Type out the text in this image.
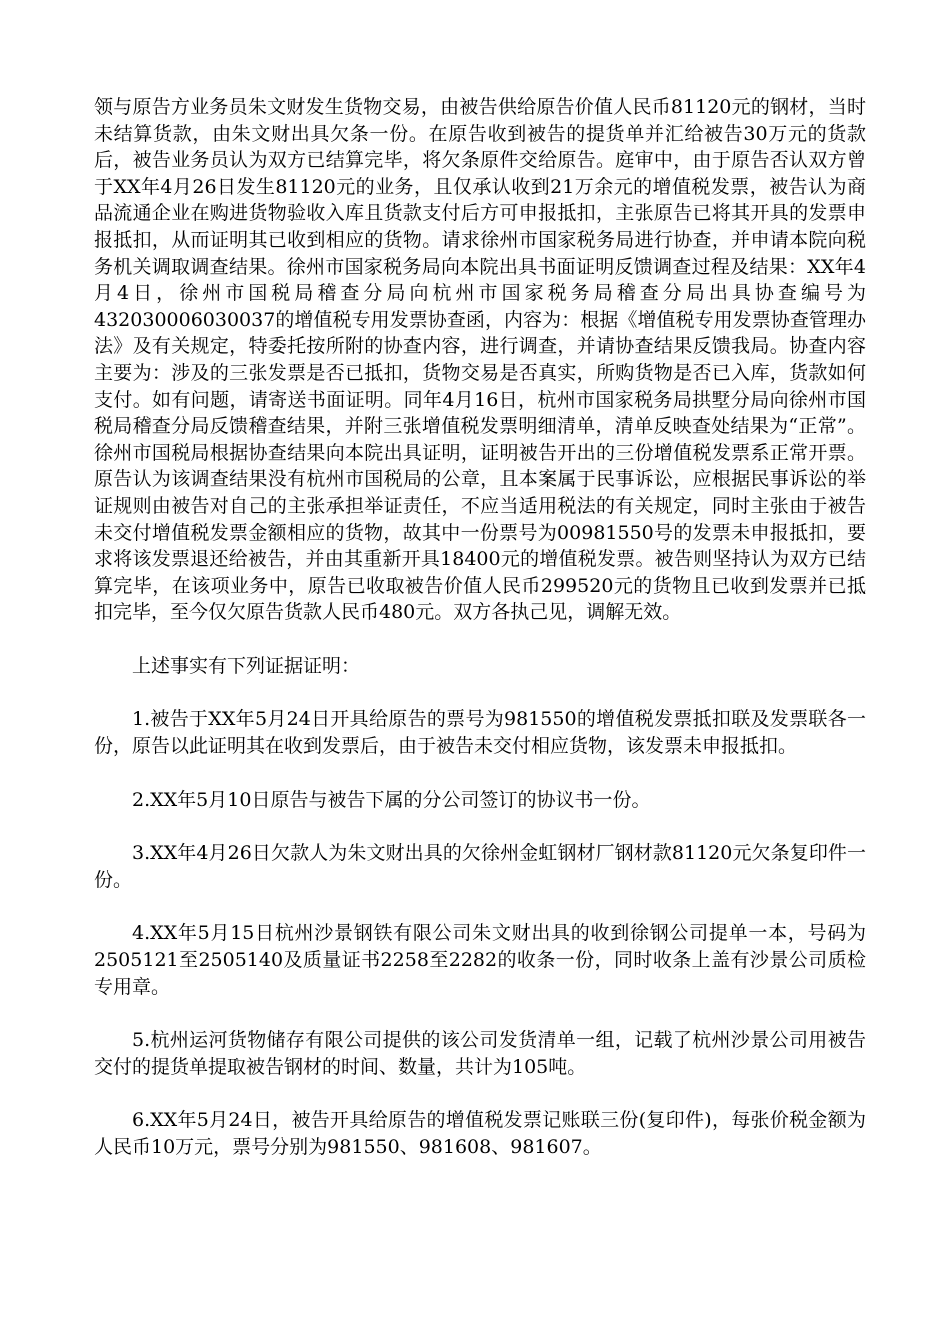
领与原告方业务员朱文财发生货物交易，由被告供给原告价值人民币81120元的钢材，当时未结算货款，由朱文财出具欠条一份。在原告收到被告的提货单并汇给被告30万元的货款后，被告业务员认为双方已结算完毕，将欠条原件交给原告。庭审中，由于原告否认双方曾于XX年4月26日发生81120元的业务，且仅承认收到21万余元的增值税发票，被告认为商品流通企业在购进货物验收入库且货款支付后方可申报抵扣，主张原告已将其开具的发票申报抵扣，从而证明其已收到相应的货物。请求徐州市国家税务局进行协查，并申请本院向税务机关调取调查结果。徐州市国家税务局向本院出具书面证明反馈调查过程及结果：XX年4月4日，徐州市国税局稽查分局向杭州市国家税务局稽查分局出具协查编号为432030006030037的增值税专用发票协查函，内容为：根据《增值税专用发票协查管理办法》及有关规定，特委托按所附的协查内容，进行调查，并请协查结果反馈我局。协查内容主要为：涉及的三张发票是否已抵扣，货物交易是否真实，所购货物是否已入库，货款如何支付。如有问题，请寄送书面证明。同年4月16日，杭州市国家税务局拱墅分局向徐州市国税局稽查分局反馈稽查结果，并附三张增值税发票明细清单，清单反映查处结果为“正常”。徐州市国税局根据协查结果向本院出具证明，证明被告开出的三份增值税发票系正常开票。原告认为该调查结果没有杭州市国税局的公章，且本案属于民事诉讼，应根据民事诉讼的举证规则由被告对自己的主张承担举证责任，不应当适用税法的有关规定，同时主张由于被告未交付增值税发票金额相应的货物，故其中一份票号为00981550号的发票未申报抵扣，要求将该发票退还给被告，并由其重新开具18400元的增值税发票。被告则坚持认为双方已结算完毕，在该项业务中，原告已收取被告价值人民币299520元的货物且已收到发票并已抵扣完毕，至今仅欠原告货款人民币480元。双方各执己见，调解无效。

上述事实有下列证据证明：

1.被告于XX年5月24日开具给原告的票号为981550的增值税发票抵扣联及发票联各一份，原告以此证明其在收到发票后，由于被告未交付相应货物，该发票未申报抵扣。

2.XX年5月10日原告与被告下属的分公司签订的协议书一份。

3.XX年4月26日欠款人为朱文财出具的欠徐州金虹钢材厂钢材款81120元欠条复印件一份。

4.XX年5月15日杭州沙景钢铁有限公司朱文财出具的收到徐钢公司提单一本，号码为2505121至2505140及质量证书2258至2282的收条一份，同时收条上盖有沙景公司质检专用章。

5.杭州运河货物储存有限公司提供的该公司发货清单一组，记载了杭州沙景公司用被告交付的提货单提取被告钢材的时间、数量，共计为105吨。

6.XX年5月24日，被告开具给原告的增值税发票记账联三份(复印件)，每张价税金额为人民币10万元，票号分别为981550、981608、981607。
